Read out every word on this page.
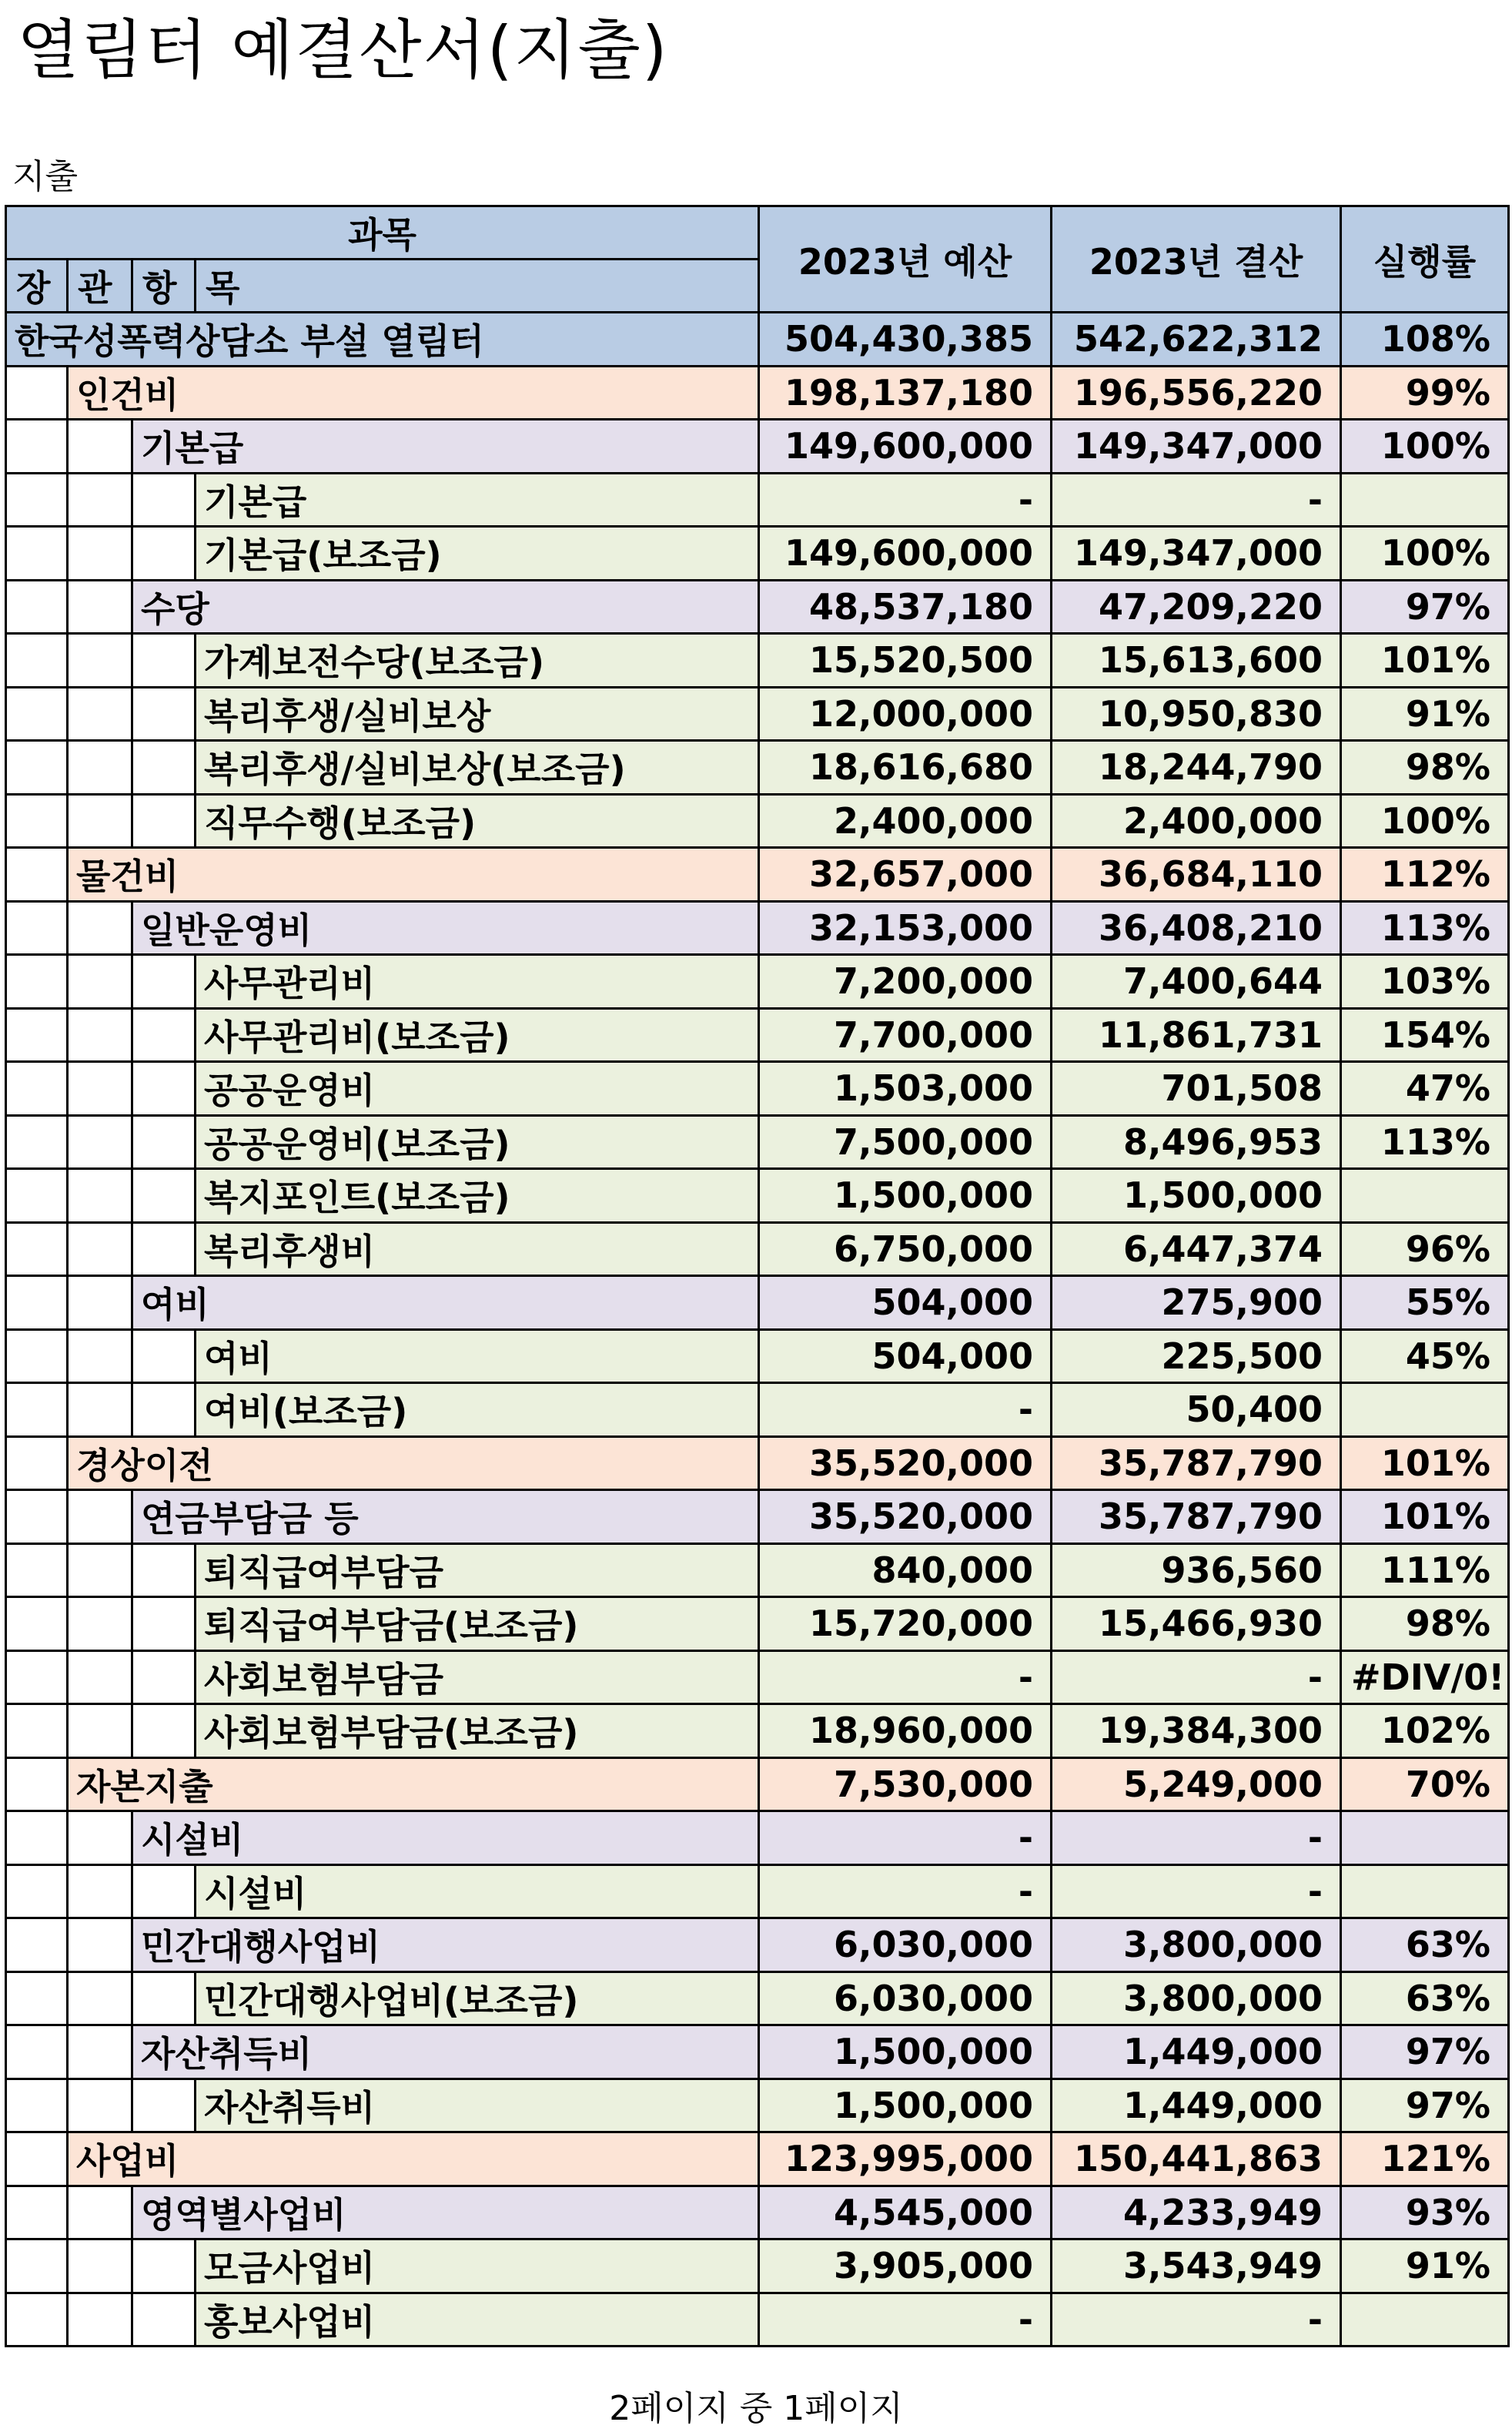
열림터 예결산서(지출)
지출
과목				2023년 예산	2023년 결산	실행률
장	관	항	목			
한국성폭력상담소 부설 열림터				504,430,385	542,622,312	108%
	인건비			198,137,180	196,556,220	99%
		기본급		149,600,000	149,347,000	100%
			기본급	-	-	
			기본급(보조금)	149,600,000	149,347,000	100%
		수당		48,537,180	47,209,220	97%
			가계보전수당(보조금)	15,520,500	15,613,600	101%
			복리후생/실비보상	12,000,000	10,950,830	91%
			복리후생/실비보상(보조금)	18,616,680	18,244,790	98%
			직무수행(보조금)	2,400,000	2,400,000	100%
	물건비			32,657,000	36,684,110	112%
		일반운영비		32,153,000	36,408,210	113%
			사무관리비	7,200,000	7,400,644	103%
			사무관리비(보조금)	7,700,000	11,861,731	154%
			공공운영비	1,503,000	701,508	47%
			공공운영비(보조금)	7,500,000	8,496,953	113%
			복지포인트(보조금)	1,500,000	1,500,000	
			복리후생비	6,750,000	6,447,374	96%
		여비		504,000	275,900	55%
			여비	504,000	225,500	45%
			여비(보조금)	-	50,400	
	경상이전			35,520,000	35,787,790	101%
		연금부담금 등		35,520,000	35,787,790	101%
			퇴직급여부담금	840,000	936,560	111%
			퇴직급여부담금(보조금)	15,720,000	15,466,930	98%
			사회보험부담금	-	-	#DIV/0!
			사회보험부담금(보조금)	18,960,000	19,384,300	102%
	자본지출			7,530,000	5,249,000	70%
		시설비		-	-	
			시설비	-	-	
		민간대행사업비		6,030,000	3,800,000	63%
			민간대행사업비(보조금)	6,030,000	3,800,000	63%
		자산취득비		1,500,000	1,449,000	97%
			자산취득비	1,500,000	1,449,000	97%
	사업비			123,995,000	150,441,863	121%
		영역별사업비		4,545,000	4,233,949	93%
			모금사업비	3,905,000	3,543,949	91%
			홍보사업비	-	-	
2페이지 중 1페이지
